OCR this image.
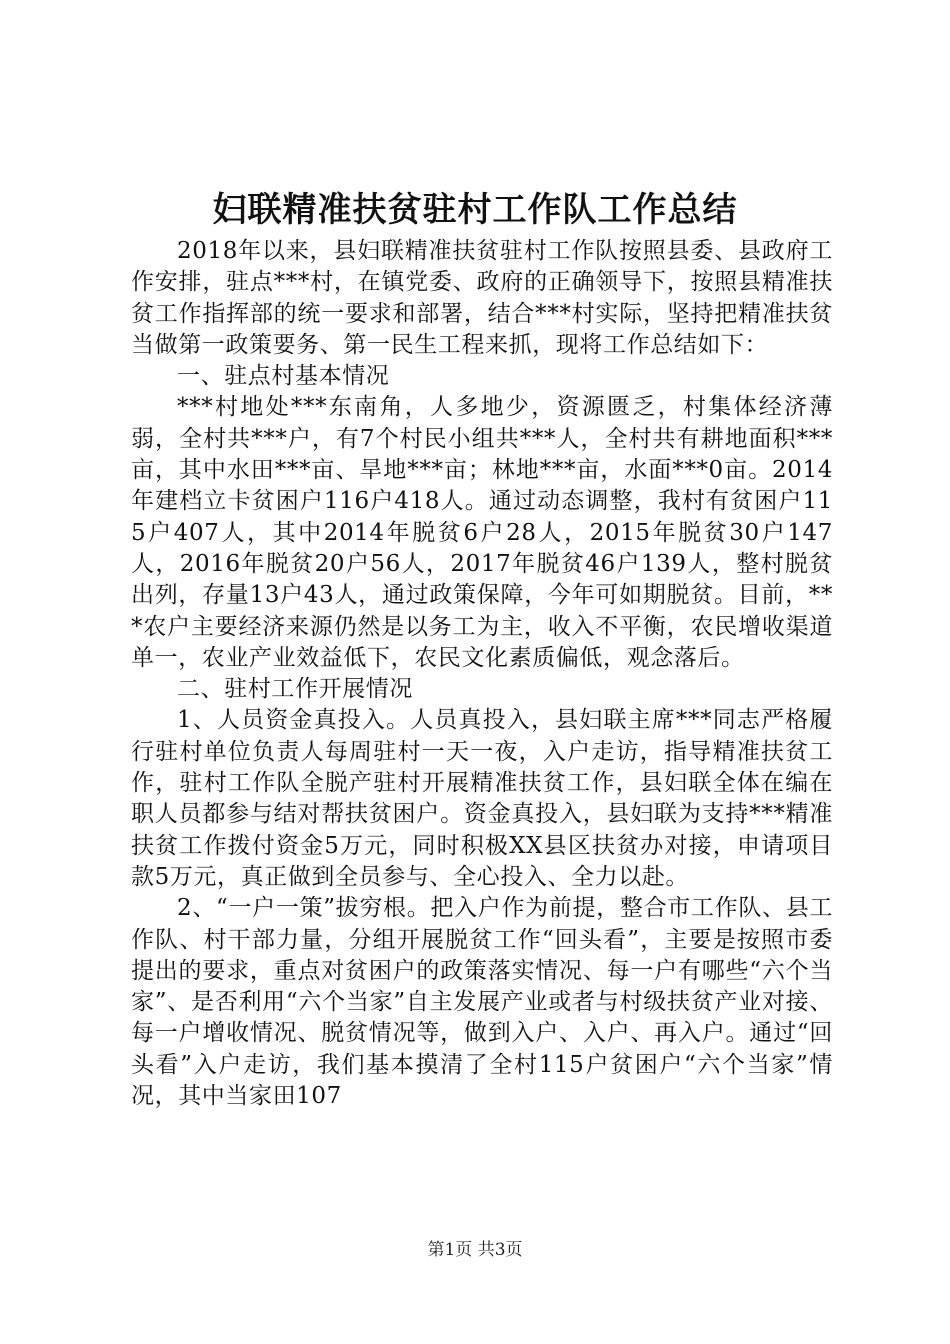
妇联精准扶贫驻村工作队工作总结

2018年以来，县妇联精准扶贫驻村工作队按照县委、县政府工作安排，驻点***村，在镇党委、政府的正确领导下，按照县精准扶贫工作指挥部的统一要求和部署，结合***村实际，坚持把精准扶贫当做第一政策要务、第一民生工程来抓，现将工作总结如下：

一、驻点村基本情况

***村地处***东南角，人多地少，资源匮乏，村集体经济薄弱，全村共***户，有7个村民小组共***人，全村共有耕地面积***亩，其中水田***亩、旱地***亩；林地***亩，水面***0亩。2014年建档立卡贫困户116户418人。通过动态调整，我村有贫困户115户407人，其中2014年脱贫6户28人，2015年脱贫30户147人，2016年脱贫20户56人，2017年脱贫46户139人，整村脱贫出列，存量13户43人，通过政策保障，今年可如期脱贫。目前，***农户主要经济来源仍然是以务工为主，收入不平衡，农民增收渠道单一，农业产业效益低下，农民文化素质偏低，观念落后。

二、驻村工作开展情况

1、人员资金真投入。人员真投入，县妇联主席***同志严格履行驻村单位负责人每周驻村一天一夜，入户走访，指导精准扶贫工作，驻村工作队全脱产驻村开展精准扶贫工作，县妇联全体在编在职人员都参与结对帮扶贫困户。资金真投入，县妇联为支持***精准扶贫工作拨付资金5万元，同时积极XX县区扶贫办对接，申请项目款5万元，真正做到全员参与、全心投入、全力以赴。

2、“一户一策”拔穷根。把入户作为前提，整合市工作队、县工作队、村干部力量，分组开展脱贫工作“回头看”，主要是按照市委提出的要求，重点对贫困户的政策落实情况、每一户有哪些“六个当家”、是否利用“六个当家”自主发展产业或者与村级扶贫产业对接、每一户增收情况、脱贫情况等，做到入户、入户、再入户。通过“回头看”入户走访，我们基本摸清了全村115户贫困户“六个当家”情况，其中当家田107

第1页 共3页
